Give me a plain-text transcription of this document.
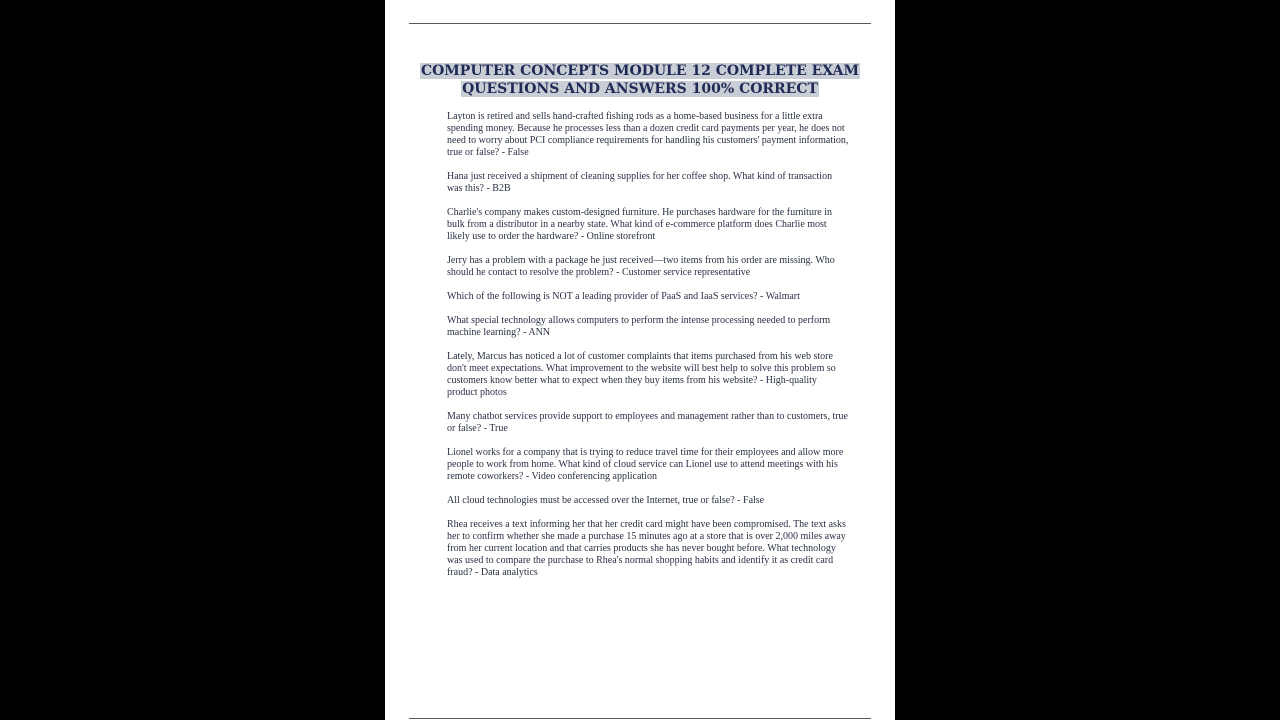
COMPUTER CONCEPTS MODULE 12 COMPLETE EXAM
QUESTIONS AND ANSWERS 100% CORRECT

Layton is retired and sells hand-crafted fishing rods as a home-based business for a little extra spending money. Because he processes less than a dozen credit card payments per year, he does not need to worry about PCI compliance requirements for handling his customers' payment information, true or false? - False

Hana just received a shipment of cleaning supplies for her coffee shop. What kind of transaction was this? - B2B

Charlie's company makes custom-designed furniture. He purchases hardware for the furniture in bulk from a distributor in a nearby state. What kind of e-commerce platform does Charlie most likely use to order the hardware? - Online storefront

Jerry has a problem with a package he just received—two items from his order are missing. Who should he contact to resolve the problem? - Customer service representative

Which of the following is NOT a leading provider of PaaS and IaaS services? - Walmart

What special technology allows computers to perform the intense processing needed to perform machine learning? - ANN

Lately, Marcus has noticed a lot of customer complaints that items purchased from his web store don't meet expectations. What improvement to the website will best help to solve this problem so customers know better what to expect when they buy items from his website? - High-quality product photos

Many chatbot services provide support to employees and management rather than to customers, true or false? - True

Lionel works for a company that is trying to reduce travel time for their employees and allow more people to work from home. What kind of cloud service can Lionel use to attend meetings with his remote coworkers? - Video conferencing application

All cloud technologies must be accessed over the Internet, true or false? - False

Rhea receives a text informing her that her credit card might have been compromised. The text asks her to confirm whether she made a purchase 15 minutes ago at a store that is over 2,000 miles away from her current location and that carries products she has never bought before. What technology was used to compare the purchase to Rhea's normal shopping habits and identify it as credit card fraud? - Data analytics
